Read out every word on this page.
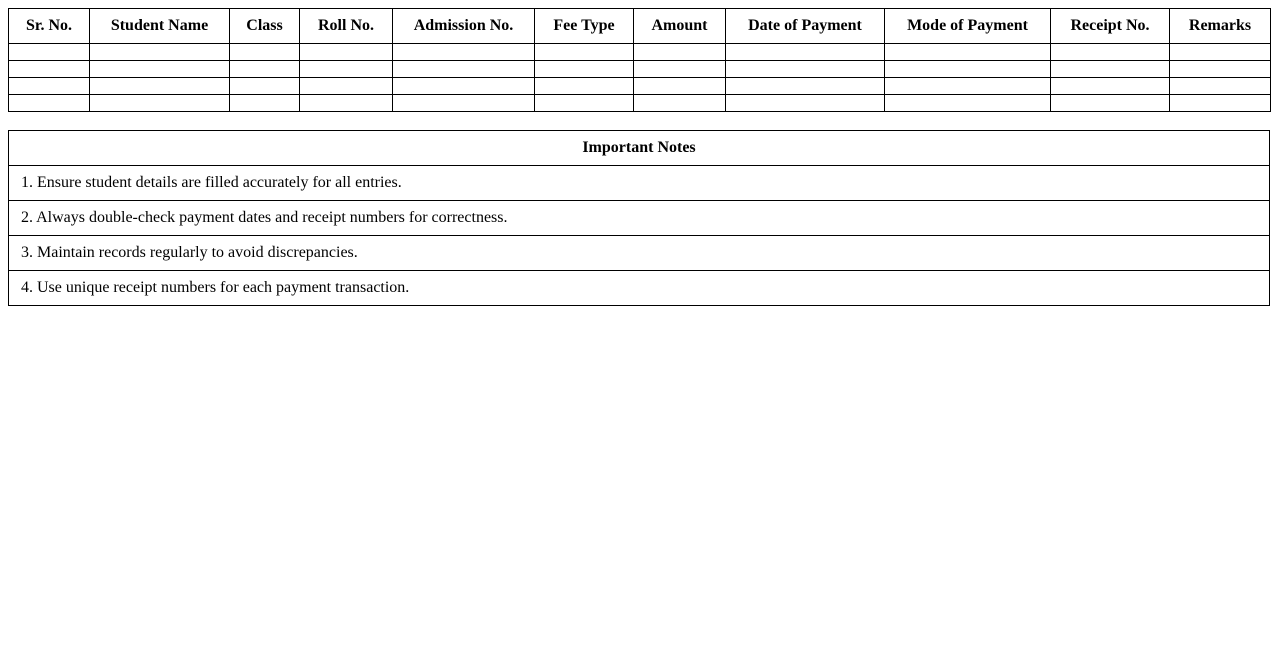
Sr. No.	Student Name	Class	Roll No.	Admission No.	Fee Type	Amount	Date of Payment	Mode of Payment	Receipt No.	Remarks

Important Notes
1. Ensure student details are filled accurately for all entries.
2. Always double-check payment dates and receipt numbers for correctness.
3. Maintain records regularly to avoid discrepancies.
4. Use unique receipt numbers for each payment transaction.
